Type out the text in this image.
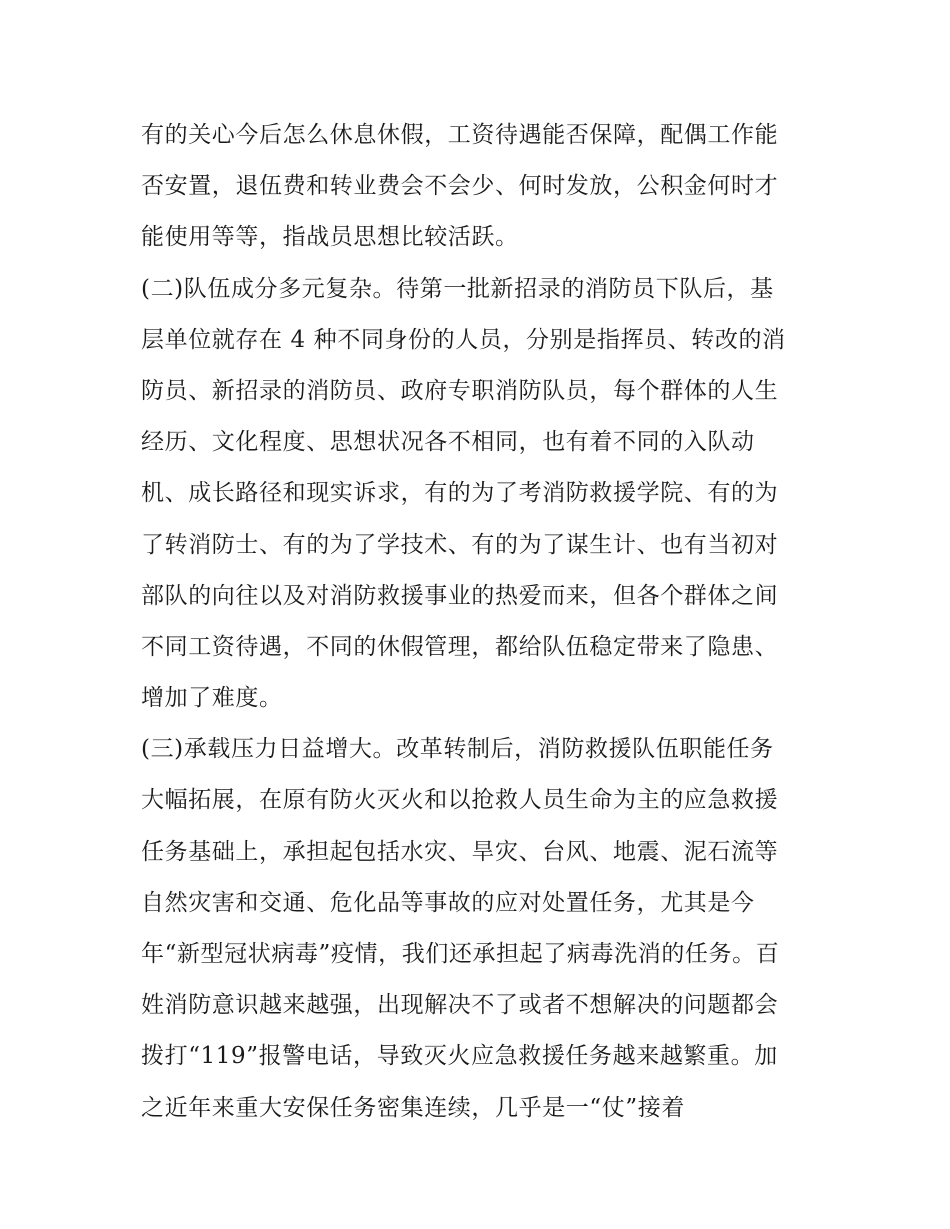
有的关心今后怎么休息休假，工资待遇能否保障，配偶工作能
否安置，退伍费和转业费会不会少、何时发放，公积金何时才
能使用等等，指战员思想比较活跃。
(二)队伍成分多元复杂。待第一批新招录的消防员下队后，基
层单位就存在 4 种不同身份的人员，分别是指挥员、转改的消
防员、新招录的消防员、政府专职消防队员，每个群体的人生
经历、文化程度、思想状况各不相同，也有着不同的入队动
机、成长路径和现实诉求，有的为了考消防救援学院、有的为
了转消防士、有的为了学技术、有的为了谋生计、也有当初对
部队的向往以及对消防救援事业的热爱而来，但各个群体之间
不同工资待遇，不同的休假管理，都给队伍稳定带来了隐患、
增加了难度。
(三)承载压力日益增大。改革转制后，消防救援队伍职能任务
大幅拓展，在原有防火灭火和以抢救人员生命为主的应急救援
任务基础上，承担起包括水灾、旱灾、台风、地震、泥石流等
自然灾害和交通、危化品等事故的应对处置任务，尤其是今
年“新型冠状病毒”疫情，我们还承担起了病毒洗消的任务。百
姓消防意识越来越强，出现解决不了或者不想解决的问题都会
拨打“119”报警电话，导致灭火应急救援任务越来越繁重。加
之近年来重大安保任务密集连续，几乎是一“仗”接着
